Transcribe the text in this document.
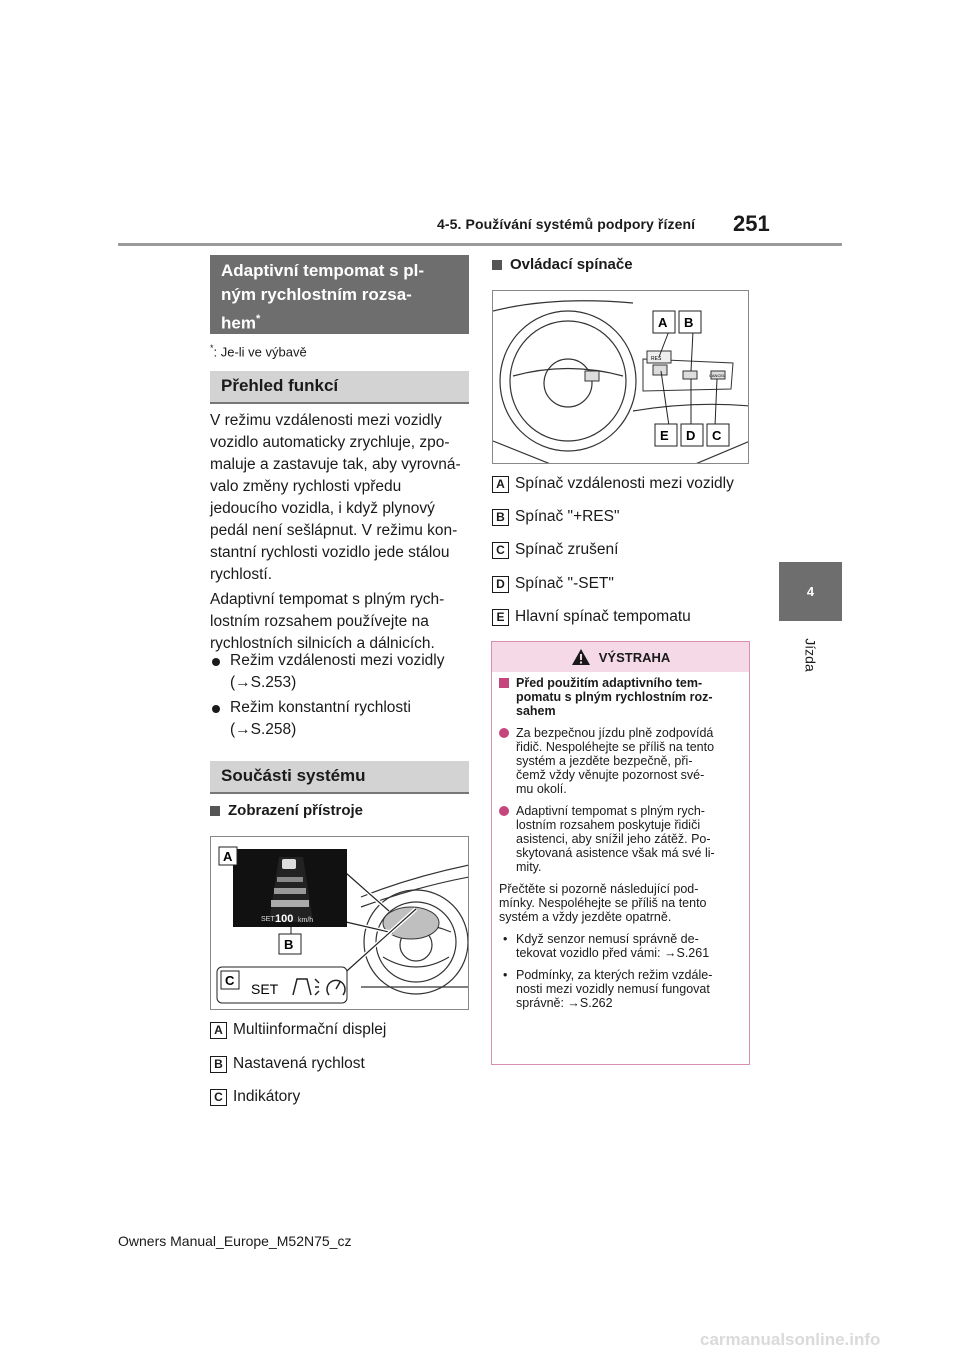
4-5. Používání systémů podpory řízení 251
4
Jízda
Adaptivní tempomat s pl-
ným rychlostním rozsa-
hem*
*: Je-li ve výbavě
Přehled funkcí
V režimu vzdálenosti mezi vozidly
vozidlo automaticky zrychluje, zpo-
maluje a zastavuje tak, aby vyrovná-
valo změny rychlosti vpředu
jedoucího vozidla, i když plynový
pedál není sešlápnut. V režimu kon-
stantní rychlosti vozidlo jede stálou
rychlostí.
Adaptivní tempomat s plným rych-
lostním rozsahem používejte na
rychlostních silnicích a dálnicích.
Režim vzdálenosti mezi vozidly
(→S.253)
Režim konstantní rychlosti
(→S.258)
Součásti systému
Zobrazení přístroje
SET 100 km/h
A
B
C
SET
A Multiinformační displej
B Nastavená rychlost
C Indikátory
Ovládací spínače
CANCEL
RES
A B
E D C
A Spínač vzdálenosti mezi vozidly
B Spínač "+RES"
C Spínač zrušení
D Spínač "-SET"
E Hlavní spínač tempomatu
VÝSTRAHA
Před použitím adaptivního tem-
pomatu s plným rychlostním roz-
sahem
Za bezpečnou jízdu plně zodpovídá
řidič. Nespoléhejte se příliš na tento
systém a jezděte bezpečně, při-
čemž vždy věnujte pozornost své-
mu okolí.
Adaptivní tempomat s plným rych-
lostním rozsahem poskytuje řidiči
asistenci, aby snížil jeho zátěž. Po-
skytovaná asistence však má své li-
mity.
Přečtěte si pozorně následující pod-
mínky. Nespoléhejte se příliš na tento
systém a vždy jezděte opatrně.
• Když senzor nemusí správně de-
tekovat vozidlo před vámi: →S.261
• Podmínky, za kterých režim vzdále-
nosti mezi vozidly nemusí fungovat
správně: →S.262
Owners Manual_Europe_M52N75_cz
carmanualsonline.info
